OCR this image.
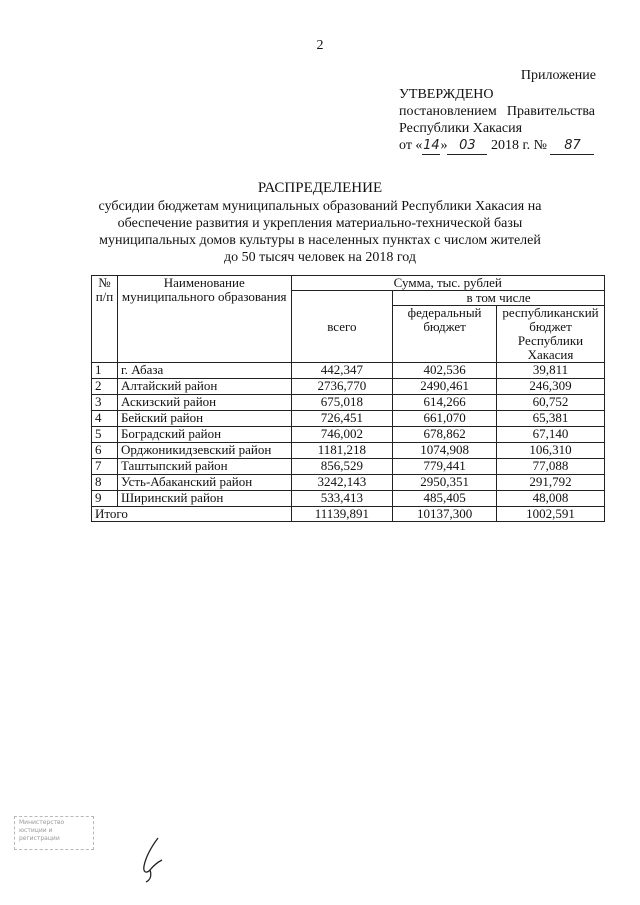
2
Приложение
УТВЕРЖДЕНО
постановлением Правительства
Республики Хакасия
от «14» 03 2018 г. № 87
РАСПРЕДЕЛЕНИЕ
субсидии бюджетам муниципальных образований Республики Хакасия на
обеспечение развития и укрепления материально-технической базы
муниципальных домов культуры в населенных пунктах с числом жителей
до 50 тысяч человек на 2018 год
№ п/п	Наименование муниципального образования	Сумма, тыс. рублей		
		всего	в том числе	
			федеральный бюджет	республиканский бюджет Республики Хакасия
1	г. Абаза	442,347	402,536	39,811
2	Алтайский район	2736,770	2490,461	246,309
3	Аскизский район	675,018	614,266	60,752
4	Бейский район	726,451	661,070	65,381
5	Боградский район	746,002	678,862	67,140
6	Орджоникидзевский район	1181,218	1074,908	106,310
7	Таштыпский район	856,529	779,441	77,088
8	Усть-Абаканский район	3242,143	2950,351	291,792
9	Ширинский район	533,413	485,405	48,008
Итого		11139,891	10137,300	1002,591
Министерство
юстиции и
регистрации
